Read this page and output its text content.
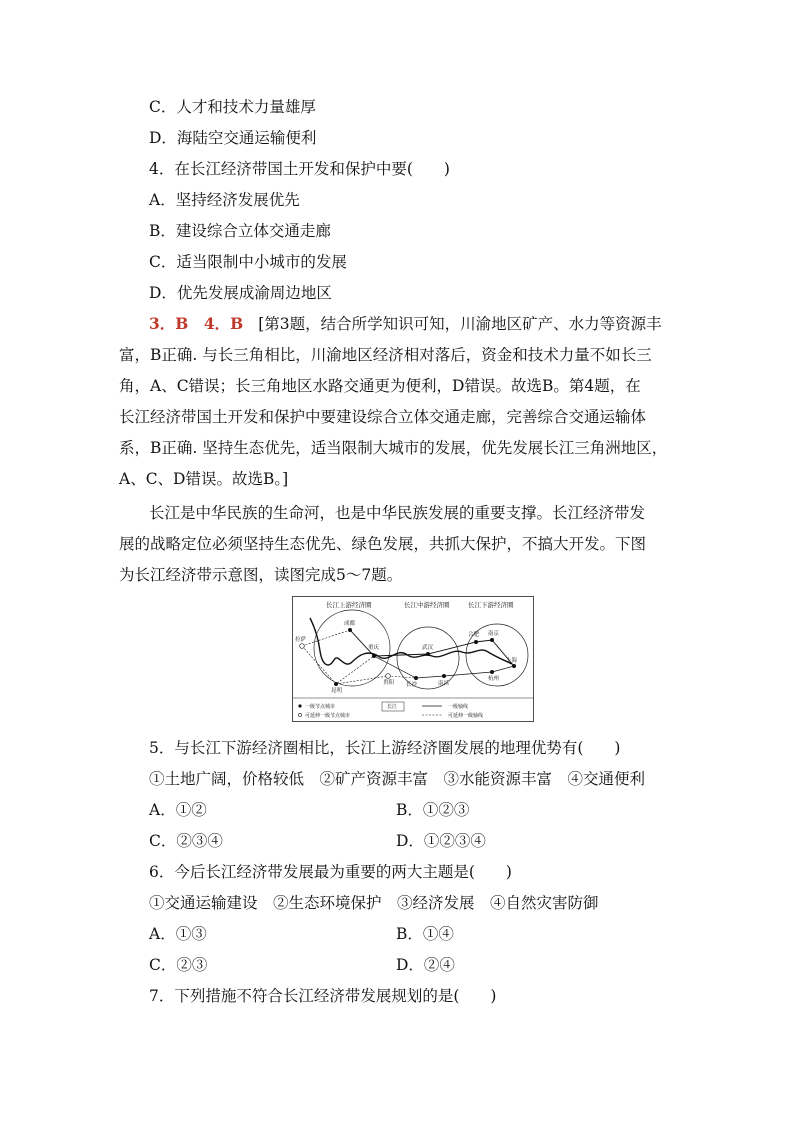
C．人才和技术力量雄厚
D．海陆空交通运输便利
4．在长江经济带国土开发和保护中要(　　)
A．坚持经济发展优先
B．建设综合立体交通走廊
C．适当限制中小城市的发展
D．优先发展成渝周边地区
3．B　4．B [第3题，结合所学知识可知，川渝地区矿产、水力等资源丰
富，B正确. 与长三角相比，川渝地区经济相对落后，资金和技术力量不如长三
角，A、C错误；长三角地区水路交通更为便利，D错误。故选B。第4题，在
长江经济带国土开发和保护中要建设综合立体交通走廊，完善综合交通运输体
系，B正确. 坚持生态优先，适当限制大城市的发展，优先发展长江三角洲地区，
A、C、D错误。故选B。]
长江是中华民族的生命河，也是中华民族发展的重要支撑。长江经济带发
展的战略定位必须坚持生态优先、绿色发展，共抓大保护，不搞大开发。下图
为长江经济带示意图，读图完成5～7题。
长江上游经济圈	长江中游经济圈	长江下游经济圈
拉萨
成都
重庆	武汉
合肥 南京
上海
杭州
长沙	南昌
贵阳
昆明
一级节点城市
可延伸一级节点城市
长江	一级轴线
可延伸一级轴线
5．与长江下游经济圈相比，长江上游经济圈发展的地理优势有(　　)
①土地广阔，价格较低　②矿产资源丰富　③水能资源丰富　④交通便利
A．①②	B．①②③
C．②③④	D．①②③④
6．今后长江经济带发展最为重要的两大主题是(　　)
①交通运输建设　②生态环境保护　③经济发展　④自然灾害防御
A．①③	B．①④
C．②③	D．②④
7．下列措施不符合长江经济带发展规划的是(　　)
